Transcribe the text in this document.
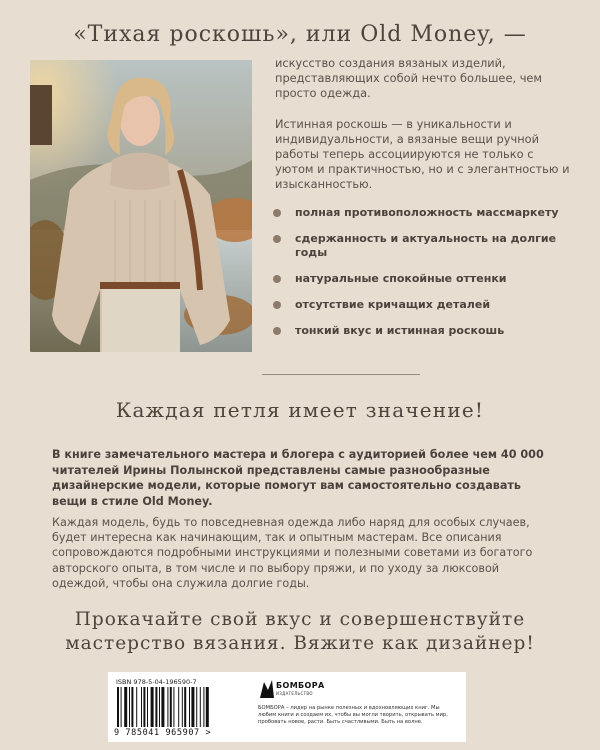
«Тихая роскошь», или Old Money, —

искусство создания вязаных изделий, представляющих собой нечто большее, чем просто одежда.

Истинная роскошь — в уникальности и индивидуальности, а вязаные вещи ручной работы теперь ассоциируются не только с уютом и практичностью, но и с элегантностью и изысканностью.

полная противоположность массмаркету
сдержанность и актуальность на долгие годы
натуральные спокойные оттенки
отсутствие кричащих деталей
тонкий вкус и истинная роскошь
Каждая петля имеет значение!

В книге замечательного мастера и блогера с аудиторией более чем 40 000 читателей Ирины Полынской представлены самые разнообразные дизайнерские модели, которые помогут вам самостоятельно создавать вещи в стиле Old Money.

Каждая модель, будь то повседневная одежда либо наряд для особых случаев, будет интересна как начинающим, так и опытным мастерам. Все описания сопровождаются подробными инструкциями и полезными советами из богатого авторского опыта, в том числе и по выбору пряжи, и по уходу за люксовой одеждой, чтобы она служила долгие годы.

Прокачайте свой вкус и совершенствуйте
мастерство вязания. Вяжите как дизайнер!
ISBN 978-5-04-196590-7
9 785041 965907 >
БОМБОРА
ИЗДАТЕЛЬСТВО

БОМБОРА – лидер на рынке полезных и вдохновляющих книг. Мы любим книги и создаем их, чтобы вы могли творить, открывать мир, пробовать новое, расти. Быть счастливыми. Быть на волне.
